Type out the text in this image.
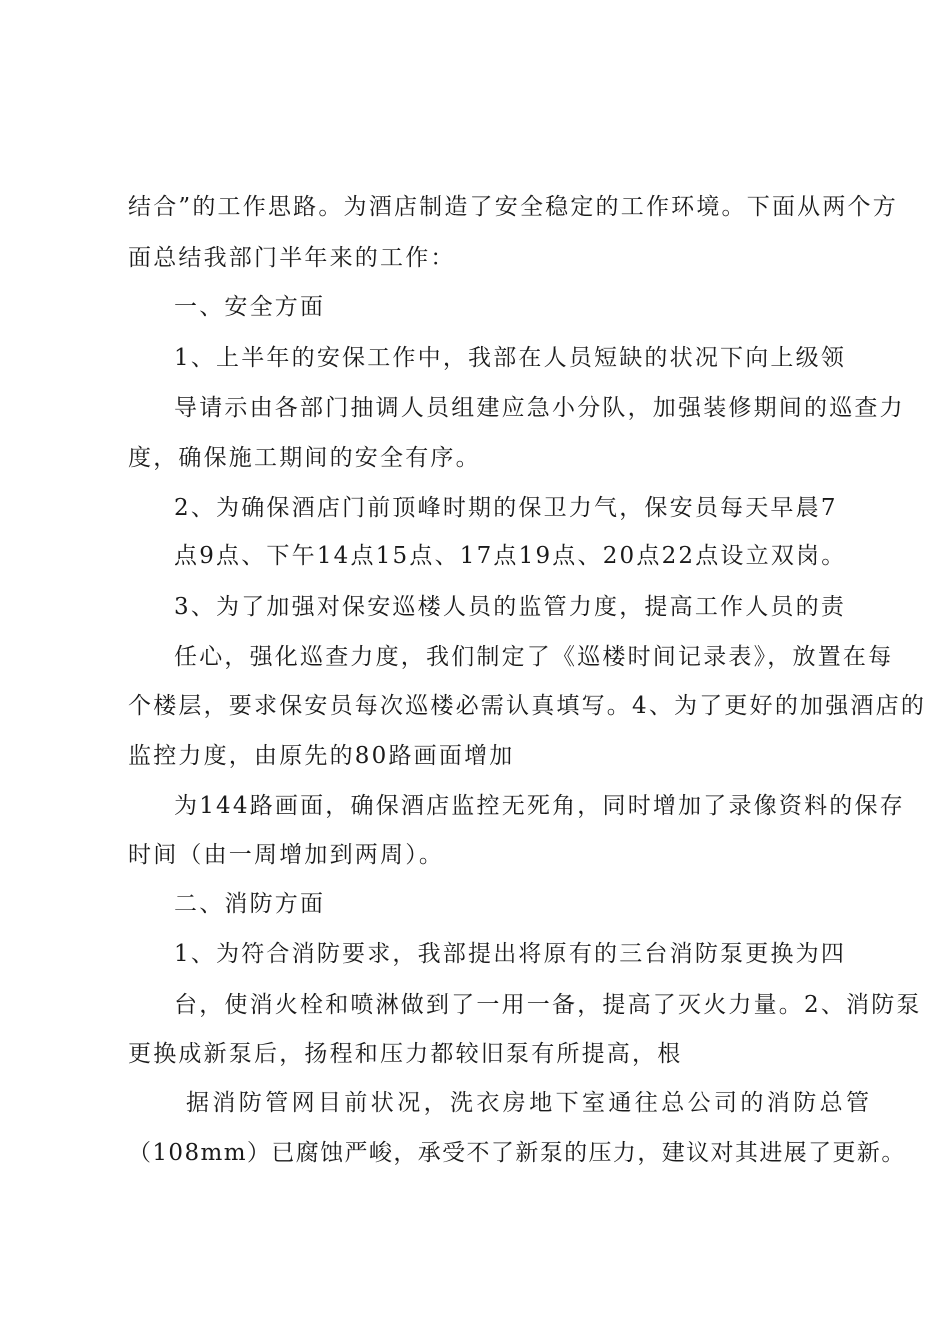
结合”的工作思路。为酒店制造了安全稳定的工作环境。下面从两个方
面总结我部门半年来的工作：
一、安全方面
1、上半年的安保工作中，我部在人员短缺的状况下向上级领
导请示由各部门抽调人员组建应急小分队，加强装修期间的巡查力
度，确保施工期间的安全有序。
2、为确保酒店门前顶峰时期的保卫力气，保安员每天早晨7
点9点、下午14点15点、17点19点、20点22点设立双岗。
3、为了加强对保安巡楼人员的监管力度，提高工作人员的责
任心，强化巡查力度，我们制定了《巡楼时间记录表》，放置在每
个楼层，要求保安员每次巡楼必需认真填写。4、为了更好的加强酒店的
监控力度，由原先的80路画面增加
为144路画面，确保酒店监控无死角，同时增加了录像资料的保存
时间（由一周增加到两周）。
二、消防方面
1、为符合消防要求，我部提出将原有的三台消防泵更换为四
台，使消火栓和喷淋做到了一用一备，提高了灭火力量。2、消防泵
更换成新泵后，扬程和压力都较旧泵有所提高，根
据消防管网目前状况，洗衣房地下室通往总公司的消防总管
（108mm）已腐蚀严峻，承受不了新泵的压力，建议对其进展了更新。
